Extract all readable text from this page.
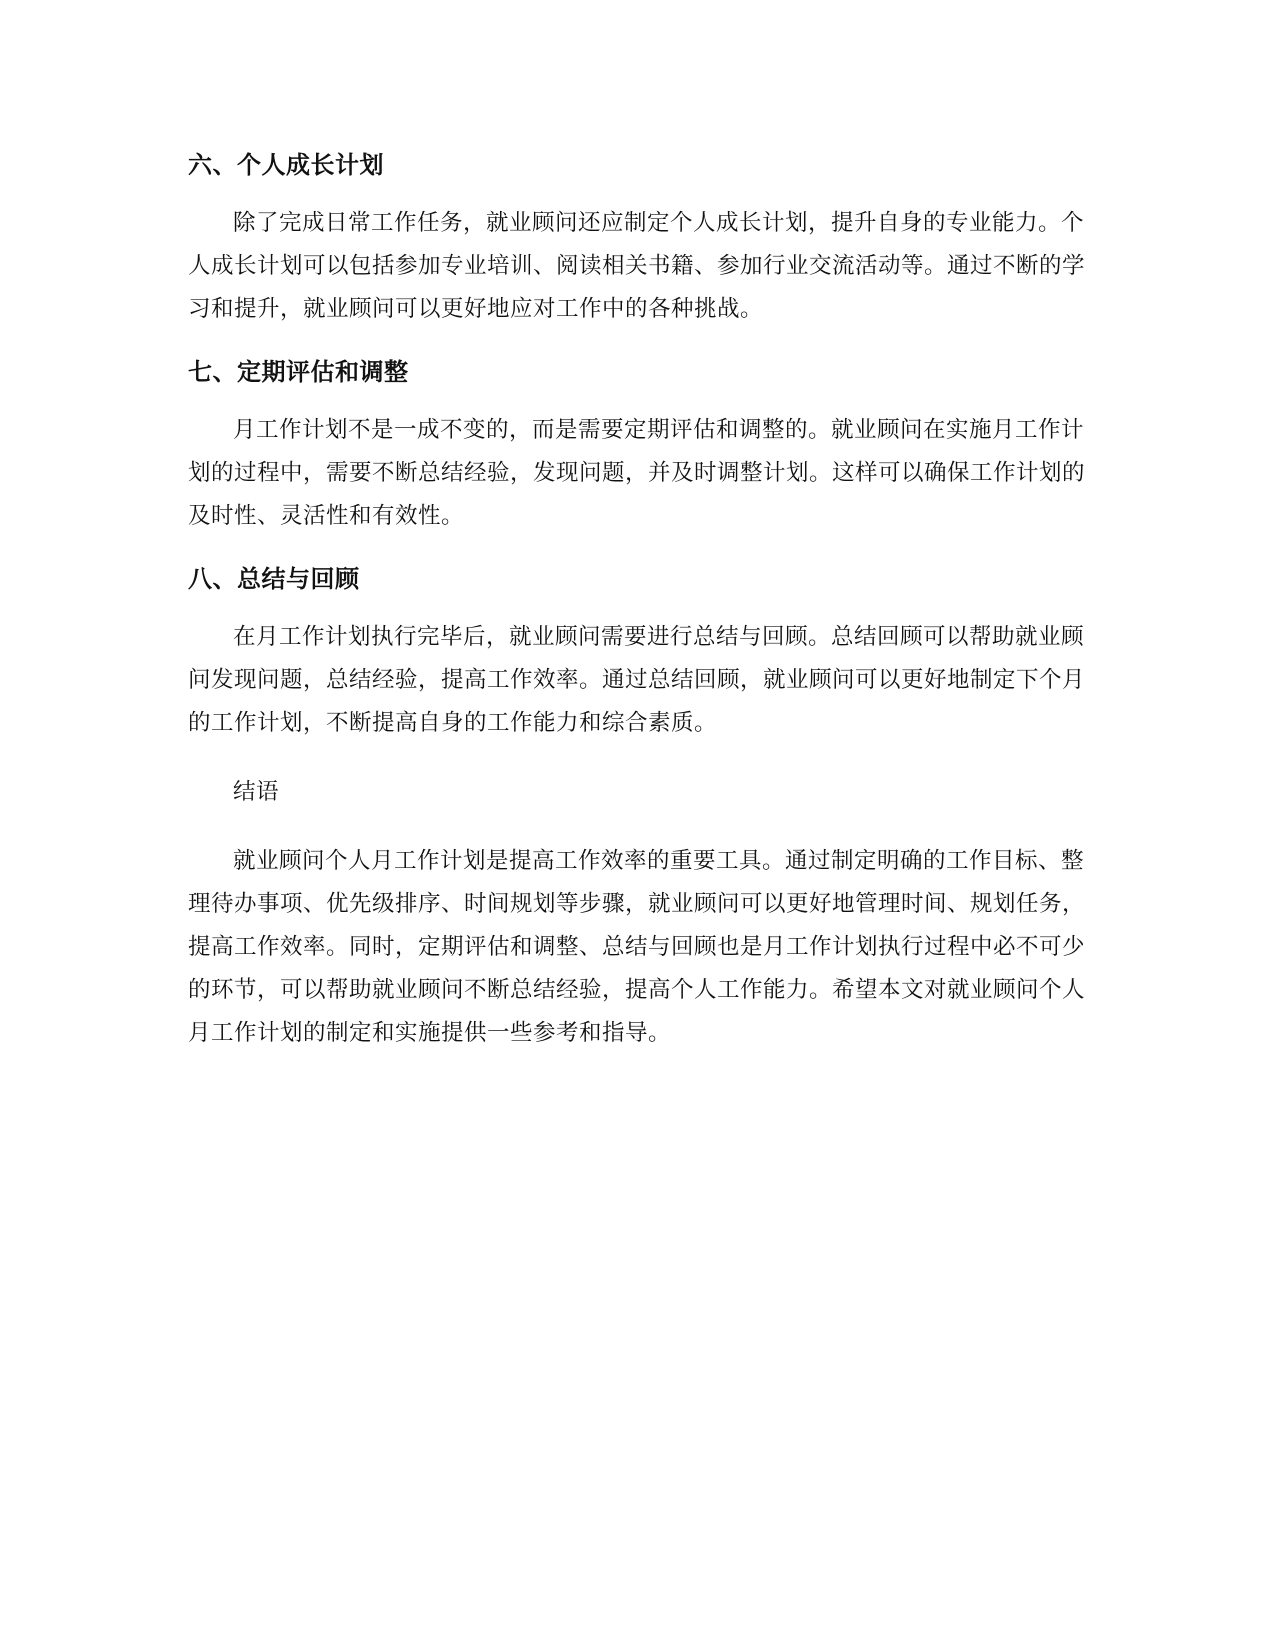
六、个人成长计划

除了完成日常工作任务，就业顾问还应制定个人成长计划，提升自身的专业能力。个人成长计划可以包括参加专业培训、阅读相关书籍、参加行业交流活动等。通过不断的学习和提升，就业顾问可以更好地应对工作中的各种挑战。

七、定期评估和调整

月工作计划不是一成不变的，而是需要定期评估和调整的。就业顾问在实施月工作计划的过程中，需要不断总结经验，发现问题，并及时调整计划。这样可以确保工作计划的及时性、灵活性和有效性。

八、总结与回顾

在月工作计划执行完毕后，就业顾问需要进行总结与回顾。总结回顾可以帮助就业顾问发现问题，总结经验，提高工作效率。通过总结回顾，就业顾问可以更好地制定下个月的工作计划，不断提高自身的工作能力和综合素质。

结语

就业顾问个人月工作计划是提高工作效率的重要工具。通过制定明确的工作目标、整理待办事项、优先级排序、时间规划等步骤，就业顾问可以更好地管理时间、规划任务，提高工作效率。同时，定期评估和调整、总结与回顾也是月工作计划执行过程中必不可少的环节，可以帮助就业顾问不断总结经验，提高个人工作能力。希望本文对就业顾问个人月工作计划的制定和实施提供一些参考和指导。
